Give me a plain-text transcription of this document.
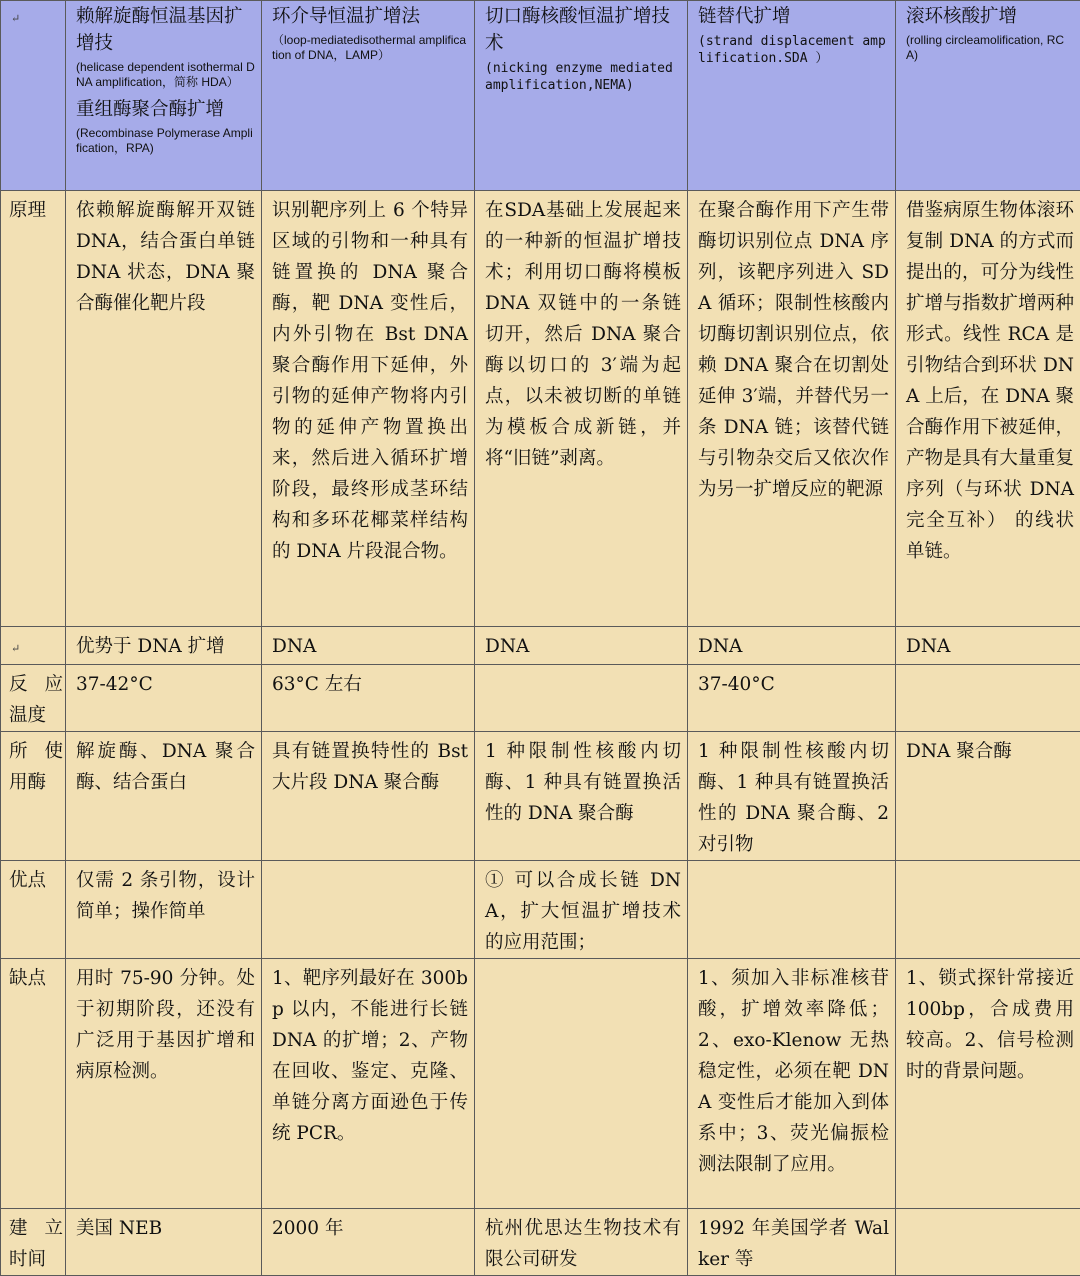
↵	赖解旋酶恒温基因扩增技
(helicase dependent isothermal DNA amplification，简称 HDA）
重组酶聚合酶扩增
(Recombinase Polymerase Amplification，RPA)	环介导恒温扩增法
（loop-mediatedisothermal amplification of DNA，LAMP）	切口酶核酸恒温扩增技术
(nicking enzyme mediated amplification,NEMA)	链替代扩增
(strand displacement amplification.SDA ）	滚环核酸扩增
(rolling circleamolification, RCA)

原理	依赖解旋酶解开双链 DNA，结合蛋白单链 DNA 状态，DNA 聚合酶催化靶片段	识别靶序列上 6 个特异区域的引物和一种具有链置换的 DNA 聚合酶，靶 DNA 变性后，内外引物在 Bst DNA 聚合酶作用下延伸，外引物的延伸产物将内引物的延伸产物置换出来，然后进入循环扩增阶段，最终形成茎环结构和多环花椰菜样结构的 DNA 片段混合物。	在SDA基础上发展起来的一种新的恒温扩增技术；利用切口酶将模板 DNA 双链中的一条链切开，然后 DNA 聚合酶以切口的 3′端为起点，以未被切断的单链为模板合成新链，并将“旧链”剥离。	在聚合酶作用下产生带酶切识别位点 DNA 序列，该靶序列进入 SDA 循环；限制性核酸内切酶切割识别位点，依赖 DNA 聚合在切割处延伸 3′端，并替代另一条 DNA 链；该替代链与引物杂交后又依次作为另一扩增反应的靶源	借鉴病原生物体滚环复制 DNA 的方式而提出的，可分为线性扩增与指数扩增两种形式。线性 RCA 是引物结合到环状 DNA 上后，在 DNA 聚合酶作用下被延伸，产物是具有大量重复序列（与环状 DNA 完全互补） 的线状单链。
↵	优势于 DNA 扩增	DNA	DNA	DNA	DNA
反应温度	37-42°C	63°C 左右		37-40°C	
所使用酶	解旋酶、DNA 聚合酶、结合蛋白	具有链置换特性的 Bst 大片段 DNA 聚合酶	1 种限制性核酸内切酶、1 种具有链置换活性的 DNA 聚合酶	1 种限制性核酸内切酶、1 种具有链置换活性的 DNA 聚合酶、2 对引物	DNA 聚合酶
优点	仅需 2 条引物，设计简单；操作简单		① 可以合成长链 DNA，扩大恒温扩增技术的应用范围；		
缺点	用时 75-90 分钟。处于初期阶段，还没有广泛用于基因扩增和病原检测。	1、靶序列最好在 300bp 以内，不能进行长链 DNA 的扩增；2、产物在回收、鉴定、克隆、单链分离方面逊色于传统 PCR。		1、须加入非标准核苷酸，扩增效率降低；2、exo-Klenow 无热稳定性，必须在靶 DNA 变性后才能加入到体系中；3、荧光偏振检测法限制了应用。	1、锁式探针常接近 100bp，合成费用较高。2、信号检测时的背景问题。
建立时间	美国 NEB	2000 年	杭州优思达生物技术有限公司研发	1992 年美国学者 Walker 等	
